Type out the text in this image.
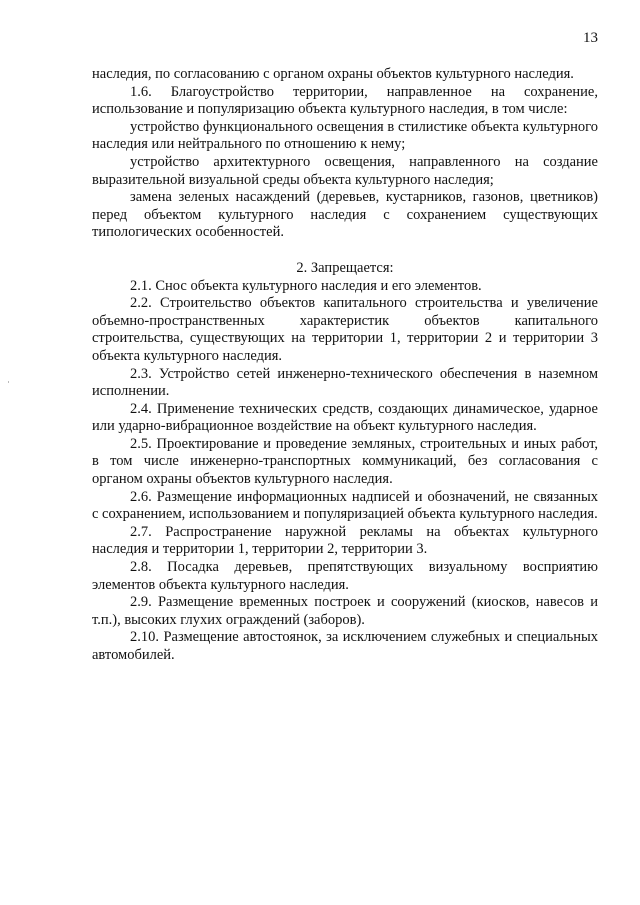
13

наследия, по согласованию с органом охраны объектов культурного наследия.

1.6. Благоустройство территории, направленное на сохранение, использование и популяризацию объекта культурного наследия, в том числе:

устройство функционального освещения в стилистике объекта культурного наследия или нейтрального по отношению к нему;

устройство архитектурного освещения, направленного на создание выразительной визуальной среды объекта культурного наследия;

замена зеленых насаждений (деревьев, кустарников, газонов, цветников) перед объектом культурного наследия с сохранением существующих типологических особенностей.

2. Запрещается:

2.1. Снос объекта культурного наследия и его элементов.

2.2. Строительство объектов капитального строительства и увеличение объемно-пространственных характеристик объектов капитального строительства, существующих на территории 1, территории 2 и территории 3 объекта культурного наследия.

2.3. Устройство сетей инженерно-технического обеспечения в наземном исполнении.

2.4. Применение технических средств, создающих динамическое, ударное или ударно-вибрационное воздействие на объект культурного наследия.

2.5. Проектирование и проведение земляных, строительных и иных работ, в том числе инженерно-транспортных коммуникаций, без согласования с органом охраны объектов культурного наследия.

2.6. Размещение информационных надписей и обозначений, не связанных с сохранением, использованием и популяризацией объекта культурного наследия.

2.7. Распространение наружной рекламы на объектах культурного наследия и территории 1, территории 2, территории 3.

2.8. Посадка деревьев, препятствующих визуальному восприятию элементов объекта культурного наследия.

2.9. Размещение временных построек и сооружений (киосков, навесов и т.п.), высоких глухих ограждений (заборов).

2.10. Размещение автостоянок, за исключением служебных и специальных автомобилей.
